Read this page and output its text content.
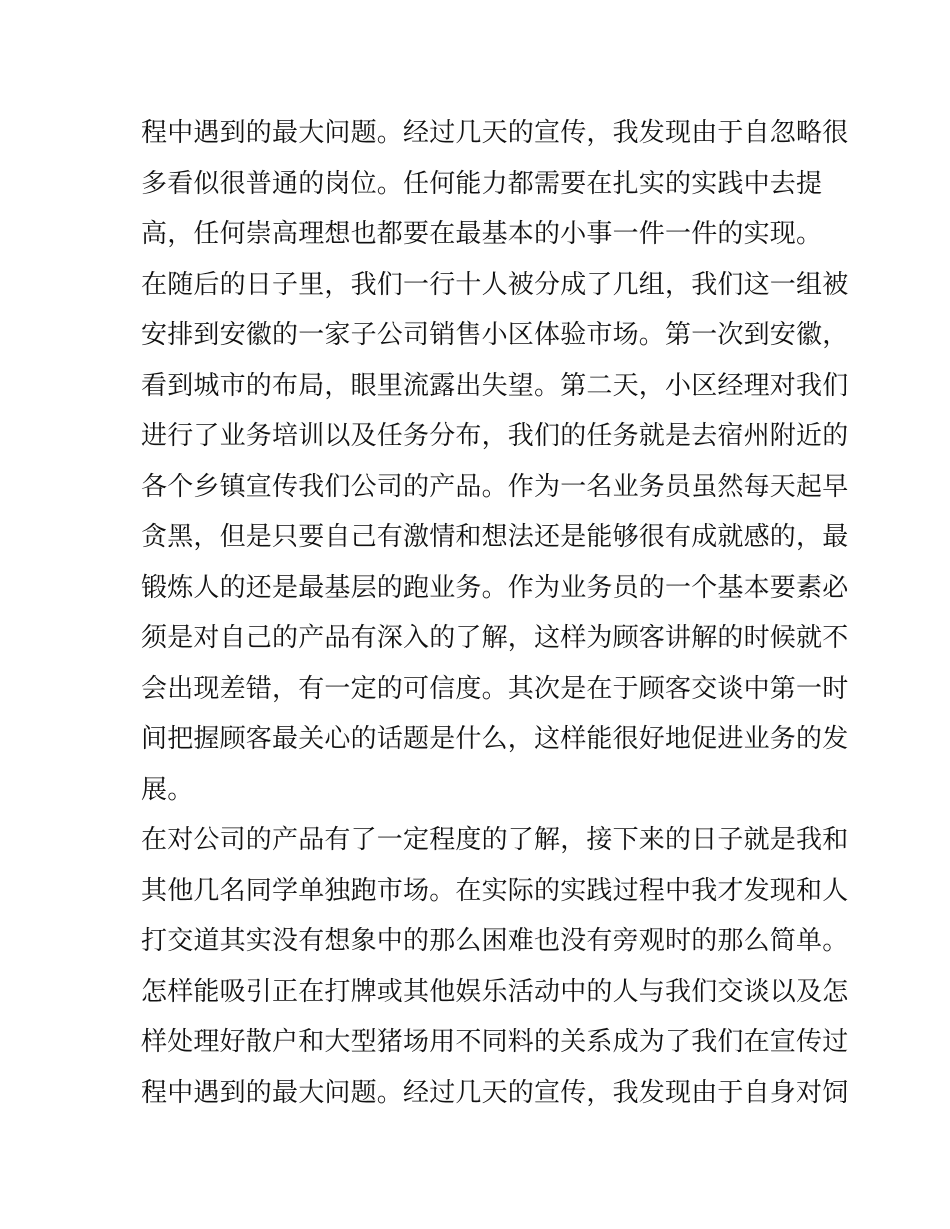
程中遇到的最大问题。经过几天的宣传，我发现由于自忽略很
多看似很普通的岗位。任何能力都需要在扎实的实践中去提
高，任何崇高理想也都要在最基本的小事一件一件的实现。
在随后的日子里，我们一行十人被分成了几组，我们这一组被
安排到安徽的一家子公司销售小区体验市场。第一次到安徽，
看到城市的布局，眼里流露出失望。第二天，小区经理对我们
进行了业务培训以及任务分布，我们的任务就是去宿州附近的
各个乡镇宣传我们公司的产品。作为一名业务员虽然每天起早
贪黑，但是只要自己有激情和想法还是能够很有成就感的，最
锻炼人的还是最基层的跑业务。作为业务员的一个基本要素必
须是对自己的产品有深入的了解，这样为顾客讲解的时候就不
会出现差错，有一定的可信度。其次是在于顾客交谈中第一时
间把握顾客最关心的话题是什么，这样能很好地促进业务的发
展。
在对公司的产品有了一定程度的了解，接下来的日子就是我和
其他几名同学单独跑市场。在实际的实践过程中我才发现和人
打交道其实没有想象中的那么困难也没有旁观时的那么简单。
怎样能吸引正在打牌或其他娱乐活动中的人与我们交谈以及怎
样处理好散户和大型猪场用不同料的关系成为了我们在宣传过
程中遇到的最大问题。经过几天的宣传，我发现由于自身对饲
